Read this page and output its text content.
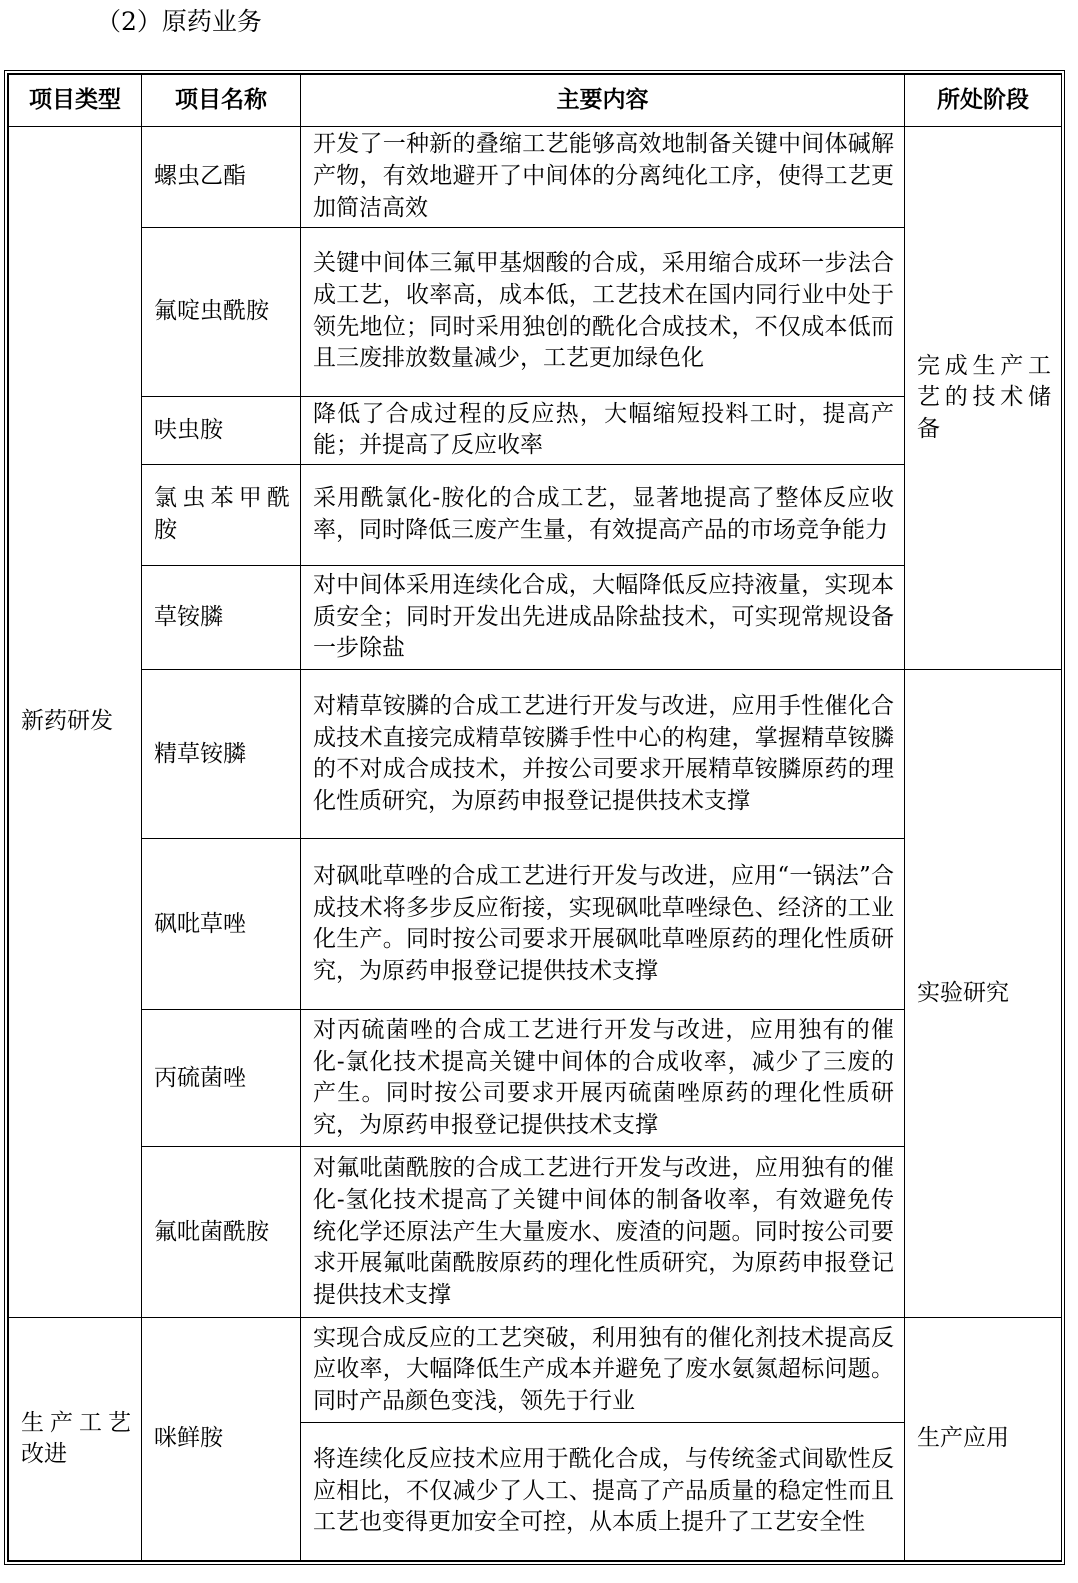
（2）原药业务
项目类型	项目名称	主要内容	所处阶段
新药研发	螺虫乙酯	开发了一种新的叠缩工艺能够高效地制备关键中间体碱解产物，有效地避开了中间体的分离纯化工序，使得工艺更加简洁高效	完成生产工艺的技术储备
	氟啶虫酰胺	关键中间体三氟甲基烟酸的合成，采用缩合成环一步法合成工艺，收率高，成本低，工艺技术在国内同行业中处于领先地位；同时采用独创的酰化合成技术，不仅成本低而且三废排放数量减少，工艺更加绿色化	
	呋虫胺	降低了合成过程的反应热，大幅缩短投料工时，提高产能；并提高了反应收率	
	氯虫苯甲酰胺	采用酰氯化-胺化的合成工艺，显著地提高了整体反应收率，同时降低三废产生量，有效提高产品的市场竞争能力	
	草铵膦	对中间体采用连续化合成，大幅降低反应持液量，实现本质安全；同时开发出先进成品除盐技术，可实现常规设备一步除盐	
	精草铵膦	对精草铵膦的合成工艺进行开发与改进，应用手性催化合成技术直接完成精草铵膦手性中心的构建，掌握精草铵膦的不对成合成技术，并按公司要求开展精草铵膦原药的理化性质研究，为原药申报登记提供技术支撑	实验研究
	砜吡草唑	对砜吡草唑的合成工艺进行开发与改进，应用“一锅法”合成技术将多步反应衔接，实现砜吡草唑绿色、经济的工业化生产。同时按公司要求开展砜吡草唑原药的理化性质研究，为原药申报登记提供技术支撑	
	丙硫菌唑	对丙硫菌唑的合成工艺进行开发与改进，应用独有的催化-氯化技术提高关键中间体的合成收率，减少了三废的产生。同时按公司要求开展丙硫菌唑原药的理化性质研究，为原药申报登记提供技术支撑	
	氟吡菌酰胺	对氟吡菌酰胺的合成工艺进行开发与改进，应用独有的催化-氢化技术提高了关键中间体的制备收率，有效避免传统化学还原法产生大量废水、废渣的问题。同时按公司要求开展氟吡菌酰胺原药的理化性质研究，为原药申报登记提供技术支撑	
生产工艺改进	咪鲜胺	实现合成反应的工艺突破，利用独有的催化剂技术提高反应收率，大幅降低生产成本并避免了废水氨氮超标问题。同时产品颜色变浅，领先于行业	生产应用
		将连续化反应技术应用于酰化合成，与传统釜式间歇性反应相比，不仅减少了人工、提高了产品质量的稳定性而且工艺也变得更加安全可控，从本质上提升了工艺安全性	
